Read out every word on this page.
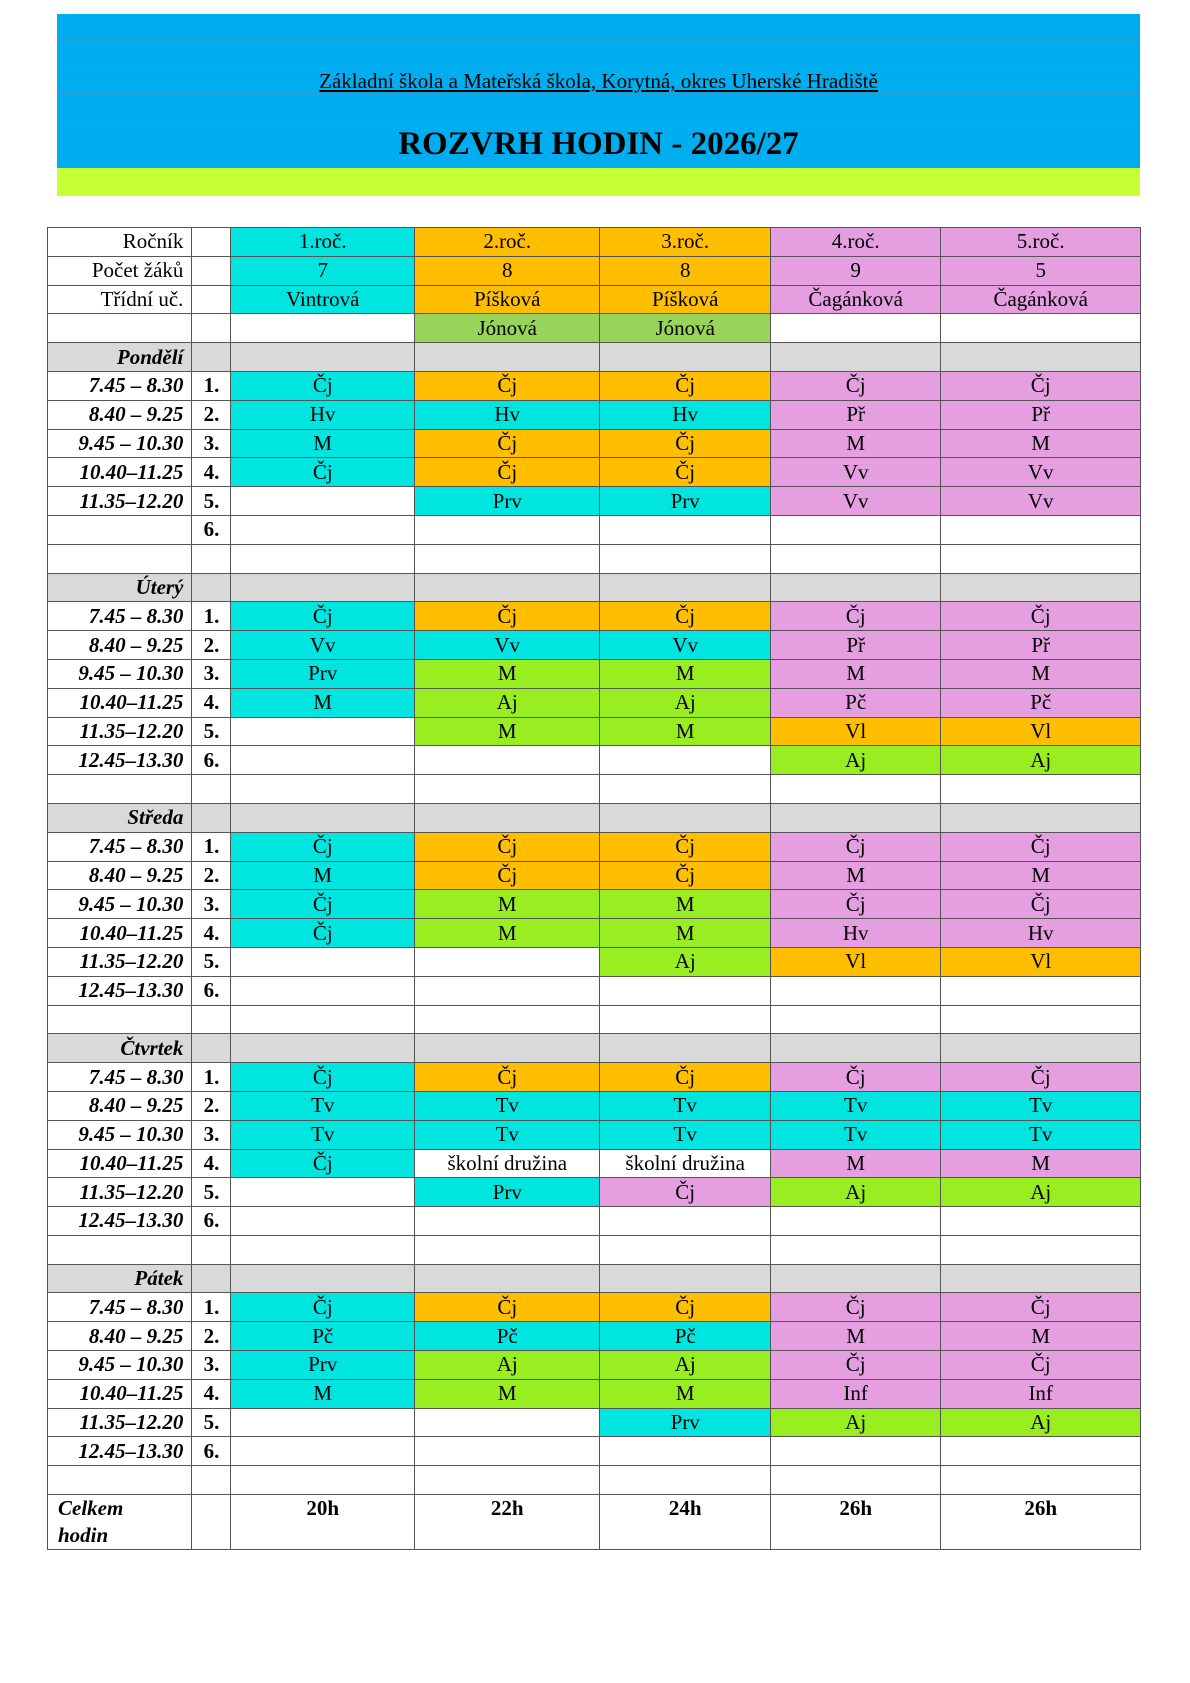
Základní škola a Mateřská škola, Korytná, okres Uherské Hradiště
ROZVRH HODIN - 2026/27
Ročník		1.roč.	2.roč.	3.roč.	4.roč.	5.roč.
Počet žáků		7	8	8	9	5
Třídní uč.		Vintrová	Píšková	Píšková	Čagánková	Čagánková
			Jónová	Jónová		
Pondělí						
7.45 – 8.30	1.	Čj	Čj	Čj	Čj	Čj
8.40 – 9.25	2.	Hv	Hv	Hv	Př	Př
9.45 – 10.30	3.	M	Čj	Čj	M	M
10.40–11.25	4.	Čj	Čj	Čj	Vv	Vv
11.35–12.20	5.		Prv	Prv	Vv	Vv
	6.					

Úterý						
7.45 – 8.30	1.	Čj	Čj	Čj	Čj	Čj
8.40 – 9.25	2.	Vv	Vv	Vv	Př	Př
9.45 – 10.30	3.	Prv	M	M	M	M
10.40–11.25	4.	M	Aj	Aj	Pč	Pč
11.35–12.20	5.		M	M	Vl	Vl
12.45–13.30	6.				Aj	Aj

Středa						
7.45 – 8.30	1.	Čj	Čj	Čj	Čj	Čj
8.40 – 9.25	2.	M	Čj	Čj	M	M
9.45 – 10.30	3.	Čj	M	M	Čj	Čj
10.40–11.25	4.	Čj	M	M	Hv	Hv
11.35–12.20	5.			Aj	Vl	Vl
12.45–13.30	6.					

Čtvrtek						
7.45 – 8.30	1.	Čj	Čj	Čj	Čj	Čj
8.40 – 9.25	2.	Tv	Tv	Tv	Tv	Tv
9.45 – 10.30	3.	Tv	Tv	Tv	Tv	Tv
10.40–11.25	4.	Čj	školní družina	školní družina	M	M
11.35–12.20	5.		Prv	Čj	Aj	Aj
12.45–13.30	6.					

Pátek						
7.45 – 8.30	1.	Čj	Čj	Čj	Čj	Čj
8.40 – 9.25	2.	Pč	Pč	Pč	M	M
9.45 – 10.30	3.	Prv	Aj	Aj	Čj	Čj
10.40–11.25	4.	M	M	M	Inf	Inf
11.35–12.20	5.			Prv	Aj	Aj
12.45–13.30	6.					

Celkem
hodin		20h	22h	24h	26h	26h
